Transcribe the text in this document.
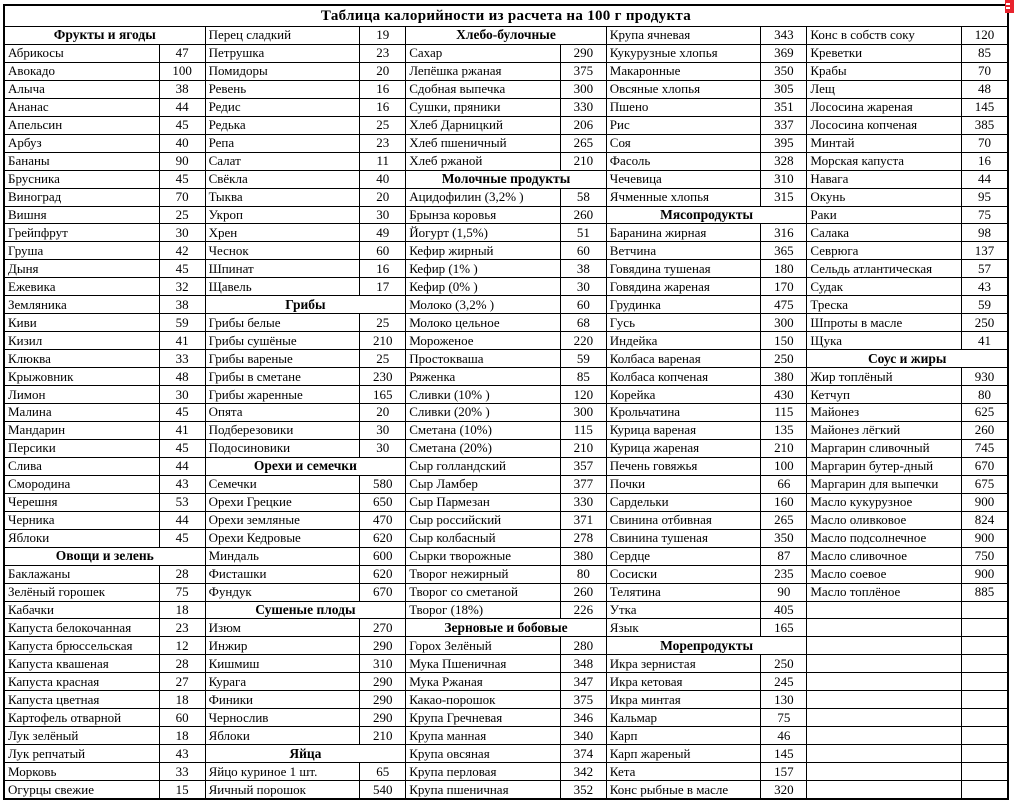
Таблица калорийности из расчета на 100 г продукта
Фрукты и ягоды
Абрикосы	47
Авокадо	100
Алыча	38
Ананас	44
Апельсин	45
Арбуз	40
Бананы	90
Брусника	45
Виноград	70
Вишня	25
Грейпфрут	30
Груша	42
Дыня	45
Ежевика	32
Земляника	38
Киви	59
Кизил	41
Клюква	33
Крыжовник	48
Лимон	30
Малина	45
Мандарин	41
Персики	45
Слива	44
Смородина	43
Черешня	53
Черника	44
Яблоки	45
Овощи и зелень
Баклажаны	28
Зелёный горошек	75
Кабачки	18
Капуста белокочанная	23
Капуста брюссельская	12
Капуста квашеная	28
Капуста красная	27
Капуста цветная	18
Картофель отварной	60
Лук зелёный	18
Лук репчатый	43
Морковь	33
Огурцы свежие	15
Перец сладкий	19
Петрушка	23
Помидоры	20
Ревень	16
Редис	16
Редька	25
Репа	23
Салат	11
Свёкла	40
Тыква	20
Укроп	30
Хрен	49
Чеснок	60
Шпинат	16
Щавель	17
Грибы
Грибы белые	25
Грибы сушёные	210
Грибы вареные	25
Грибы в сметане	230
Грибы жаренные	165
Опята	20
Подберезовики	30
Подосиновики	30
Орехи и семечки
Семечки	580
Орехи Грецкие	650
Орехи земляные	470
Орехи Кедровые	620
Миндаль	600
Фисташки	620
Фундук	670
Сушеные плоды
Изюм	270
Инжир	290
Кишмиш	310
Курага	290
Финики	290
Чернослив	290
Яблоки	210
Яйца
Яйцо куриное 1 шт.	65
Яичный порошок	540
Хлебо-булочные
Сахар	290
Лепёшка ржаная	375
Сдобная выпечка	300
Сушки, пряники	330
Хлеб Дарницкий	206
Хлеб пшеничный	265
Хлеб ржаной	210
Молочные продукты
Ацидофилин (3,2% )	58
Брынза коровья	260
Йогурт (1,5%)	51
Кефир жирный	60
Кефир (1% )	38
Кефир (0% )	30
Молоко (3,2% )	60
Молоко цельное	68
Мороженое	220
Простокваша	59
Ряженка	85
Сливки (10% )	120
Сливки (20% )	300
Сметана (10%)	115
Сметана (20%)	210
Сыр голландский	357
Сыр Ламбер	377
Сыр Пармезан	330
Сыр российский	371
Сыр колбасный	278
Сырки творожные	380
Творог нежирный	80
Творог со сметаной	260
Творог (18%)	226
Зерновые и бобовые
Горох Зелёный	280
Мука Пшеничная	348
Мука Ржаная	347
Какао-порошок	375
Крупа Гречневая	346
Крупа манная	340
Крупа овсяная	374
Крупа перловая	342
Крупа пшеничная	352
Крупа ячневая	343
Кукурузные хлопья	369
Макаронные	350
Овсяные хлопья	305
Пшено	351
Рис	337
Соя	395
Фасоль	328
Чечевица	310
Ячменные хлопья	315
Мясопродукты
Баранина жирная	316
Ветчина	365
Говядина тушеная	180
Говядина жареная	170
Грудинка	475
Гусь	300
Индейка	150
Колбаса вареная	250
Колбаса копченая	380
Корейка	430
Крольчатина	115
Курица вареная	135
Курица жареная	210
Печень говяжья	100
Почки	66
Сардельки	160
Свинина отбивная	265
Свинина тушеная	350
Сердце	87
Сосиски	235
Телятина	90
Утка	405
Язык	165
Морепродукты
Икра зернистая	250
Икра кетовая	245
Икра минтая	130
Кальмар	75
Карп	46
Карп жареный	145
Кета	157
Конс рыбные в масле	320
Конс в собств соку	120
Креветки	85
Крабы	70
Лещ	48
Лососина жареная	145
Лососина копченая	385
Минтай	70
Морская капуста	16
Навага	44
Окунь	95
Раки	75
Салака	98
Севрюга	137
Сельдь атлантическая	57
Судак	43
Треска	59
Шпроты в масле	250
Щука	41
Соус и жиры
Жир топлёный	930
Кетчуп	80
Майонез	625
Майонез лёгкий	260
Маргарин сливочный	745
Маргарин бутер-дный	670
Маргарин для выпечки	675
Масло кукурузное	900
Масло оливковое	824
Масло подсолнечное	900
Масло сливочное	750
Масло соевое	900
Масло топлёное	885
